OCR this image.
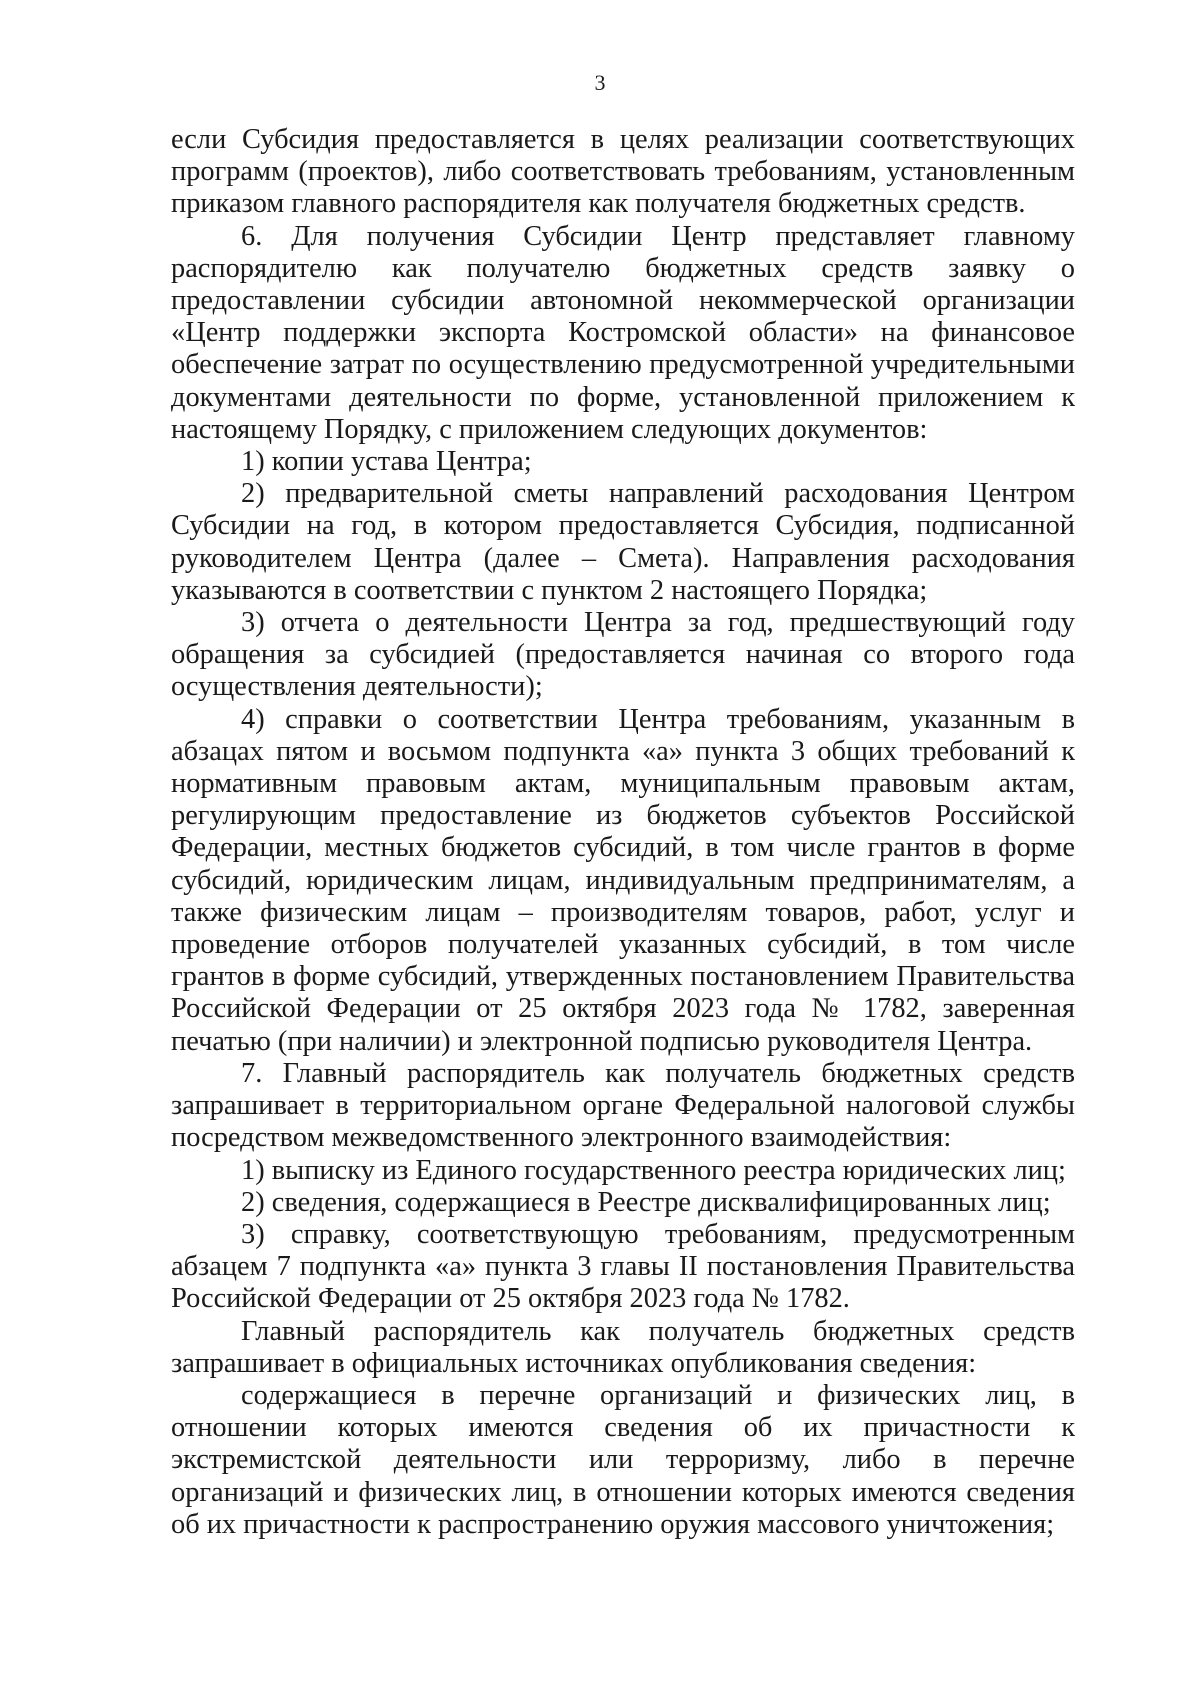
3

если Субсидия предоставляется в целях реализации соответствующих программ (проектов), либо соответствовать требованиям, установленным приказом главного распорядителя как получателя бюджетных средств.

6. Для получения Субсидии Центр представляет главному распорядителю как получателю бюджетных средств заявку о предоставлении субсидии автономной некоммерческой организации «Центр поддержки экспорта Костромской области» на финансовое обеспечение затрат по осуществлению предусмотренной учредительными документами деятельности по форме, установленной приложением к настоящему Порядку, с приложением следующих документов:

1) копии устава Центра;

2) предварительной сметы направлений расходования Центром Субсидии на год, в котором предоставляется Субсидия, подписанной руководителем Центра (далее – Смета). Направления расходования указываются в соответствии с пунктом 2 настоящего Порядка;

3) отчета о деятельности Центра за год, предшествующий году обращения за субсидией (предоставляется начиная со второго года осуществления деятельности);

4) справки о соответствии Центра требованиям, указанным в абзацах пятом и восьмом подпункта «а» пункта 3 общих требований к нормативным правовым актам, муниципальным правовым актам, регулирующим предоставление из бюджетов субъектов Российской Федерации, местных бюджетов субсидий, в том числе грантов в форме субсидий, юридическим лицам, индивидуальным предпринимателям, а также физическим лицам – производителям товаров, работ, услуг и проведение отборов получателей указанных субсидий, в том числе грантов в форме субсидий, утвержденных постановлением Правительства Российской Федерации от 25 октября 2023 года № 1782, заверенная печатью (при наличии) и электронной подписью руководителя Центра.

7. Главный распорядитель как получатель бюджетных средств запрашивает в территориальном органе Федеральной налоговой службы посредством межведомственного электронного взаимодействия:

1) выписку из Единого государственного реестра юридических лиц;

2) сведения, содержащиеся в Реестре дисквалифицированных лиц;

3) справку, соответствующую требованиям, предусмотренным абзацем 7 подпункта «а» пункта 3 главы II постановления Правительства Российской Федерации от 25 октября 2023 года № 1782.

Главный распорядитель как получатель бюджетных средств запрашивает в официальных источниках опубликования сведения:

содержащиеся в перечне организаций и физических лиц, в отношении которых имеются сведения об их причастности к экстремистской деятельности или терроризму, либо в перечне организаций и физических лиц, в отношении которых имеются сведения об их причастности к распространению оружия массового уничтожения;
